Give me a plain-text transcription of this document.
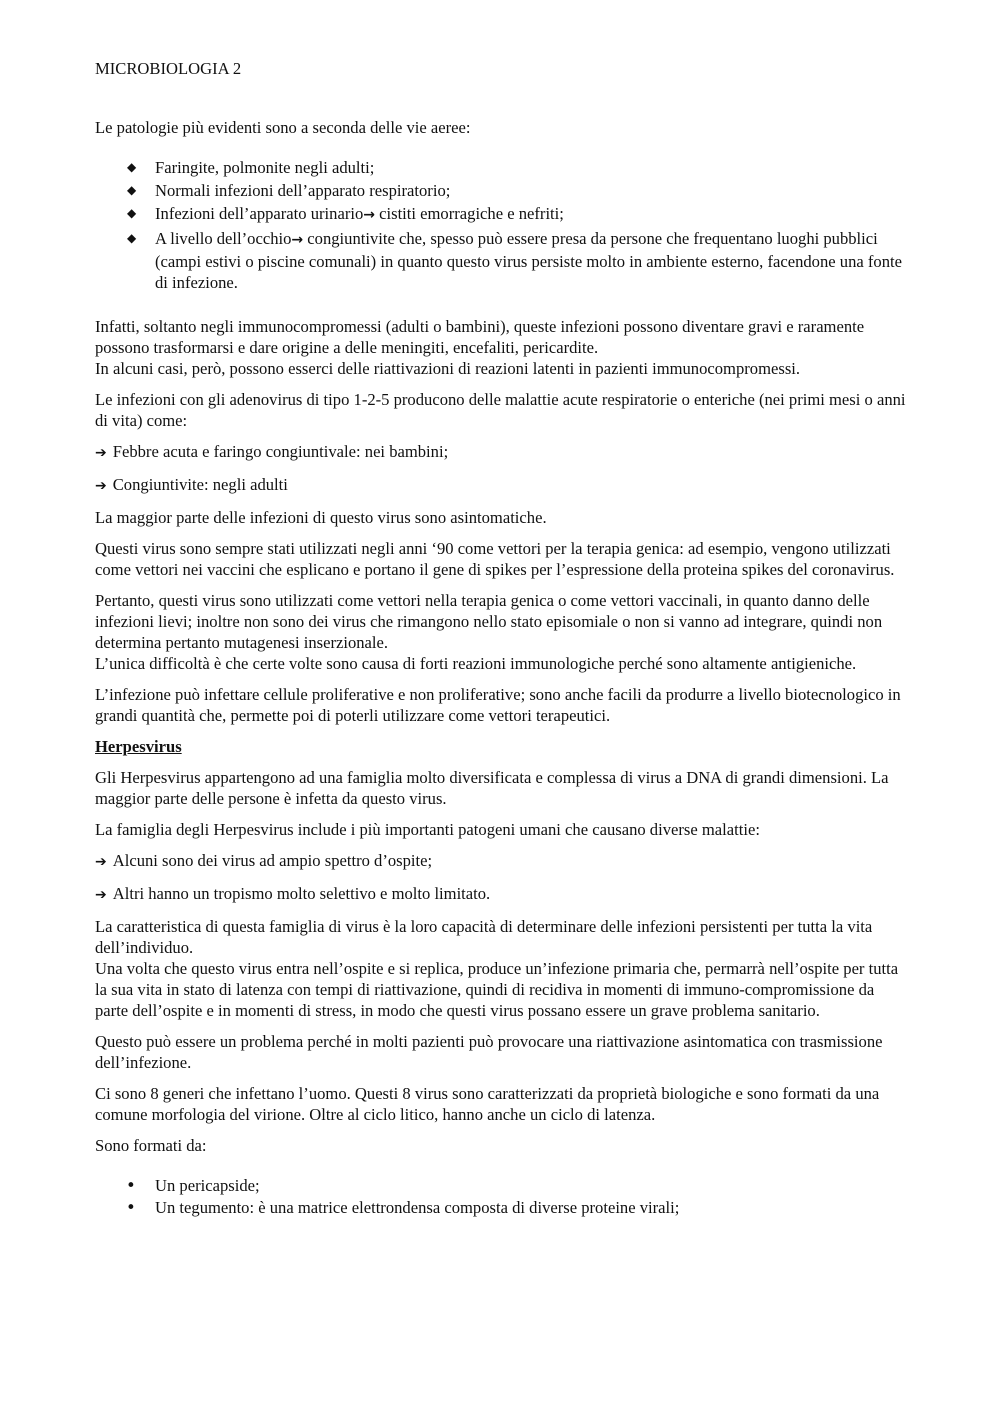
MICROBIOLOGIA 2

Le patologie più evidenti sono a seconda delle vie aeree:

◆ Faringite, polmonite negli adulti;
◆ Normali infezioni dell’apparato respiratorio;
◆ Infezioni dell’apparato urinario→ cistiti emorragiche e nefriti;
◆ A livello dell’occhio→ congiuntivite che, spesso può essere presa da persone che frequentano luoghi pubblici (campi estivi o piscine comunali) in quanto questo virus persiste molto in ambiente esterno, facendone una fonte di infezione.

Infatti, soltanto negli immunocompromessi (adulti o bambini), queste infezioni possono diventare gravi e raramente possono trasformarsi e dare origine a delle meningiti, encefaliti, pericardite.
In alcuni casi, però, possono esserci delle riattivazioni di reazioni latenti in pazienti immunocompromessi.

Le infezioni con gli adenovirus di tipo 1-2-5 producono delle malattie acute respiratorie o enteriche (nei primi mesi o anni di vita) come:

➔ Febbre acuta e faringo congiuntivale: nei bambini;
➔ Congiuntivite: negli adulti

La maggior parte delle infezioni di questo virus sono asintomatiche.

Questi virus sono sempre stati utilizzati negli anni ‘90 come vettori per la terapia genica: ad esempio, vengono utilizzati come vettori nei vaccini che esplicano e portano il gene di spikes per l’espressione della proteina spikes del coronavirus.

Pertanto, questi virus sono utilizzati come vettori nella terapia genica o come vettori vaccinali, in quanto danno delle infezioni lievi; inoltre non sono dei virus che rimangono nello stato episomiale o non si vanno ad integrare, quindi non determina pertanto mutagenesi inserzionale.
L’unica difficoltà è che certe volte sono causa di forti reazioni immunologiche perché sono altamente antigieniche.

L’infezione può infettare cellule proliferative e non proliferative; sono anche facili da produrre a livello biotecnologico in grandi quantità che, permette poi di poterli utilizzare come vettori terapeutici.

Herpesvirus

Gli Herpesvirus appartengono ad una famiglia molto diversificata e complessa di virus a DNA di grandi dimensioni. La maggior parte delle persone è infetta da questo virus.

La famiglia degli Herpesvirus include i più importanti patogeni umani che causano diverse malattie:

➔ Alcuni sono dei virus ad ampio spettro d’ospite;
➔ Altri hanno un tropismo molto selettivo e molto limitato.

La caratteristica di questa famiglia di virus è la loro capacità di determinare delle infezioni persistenti per tutta la vita dell’individuo.
Una volta che questo virus entra nell’ospite e si replica, produce un’infezione primaria che, permarrà nell’ospite per tutta la sua vita in stato di latenza con tempi di riattivazione, quindi di recidiva in momenti di immuno-compromissione da parte dell’ospite e in momenti di stress, in modo che questi virus possano essere un grave problema sanitario.

Questo può essere un problema perché in molti pazienti può provocare una riattivazione asintomatica con trasmissione dell’infezione.

Ci sono 8 generi che infettano l’uomo. Questi 8 virus sono caratterizzati da proprietà biologiche e sono formati da una comune morfologia del virione. Oltre al ciclo litico, hanno anche un ciclo di latenza.

Sono formati da:

• Un pericapside;
• Un tegumento: è una matrice elettrondensa composta di diverse proteine virali;
